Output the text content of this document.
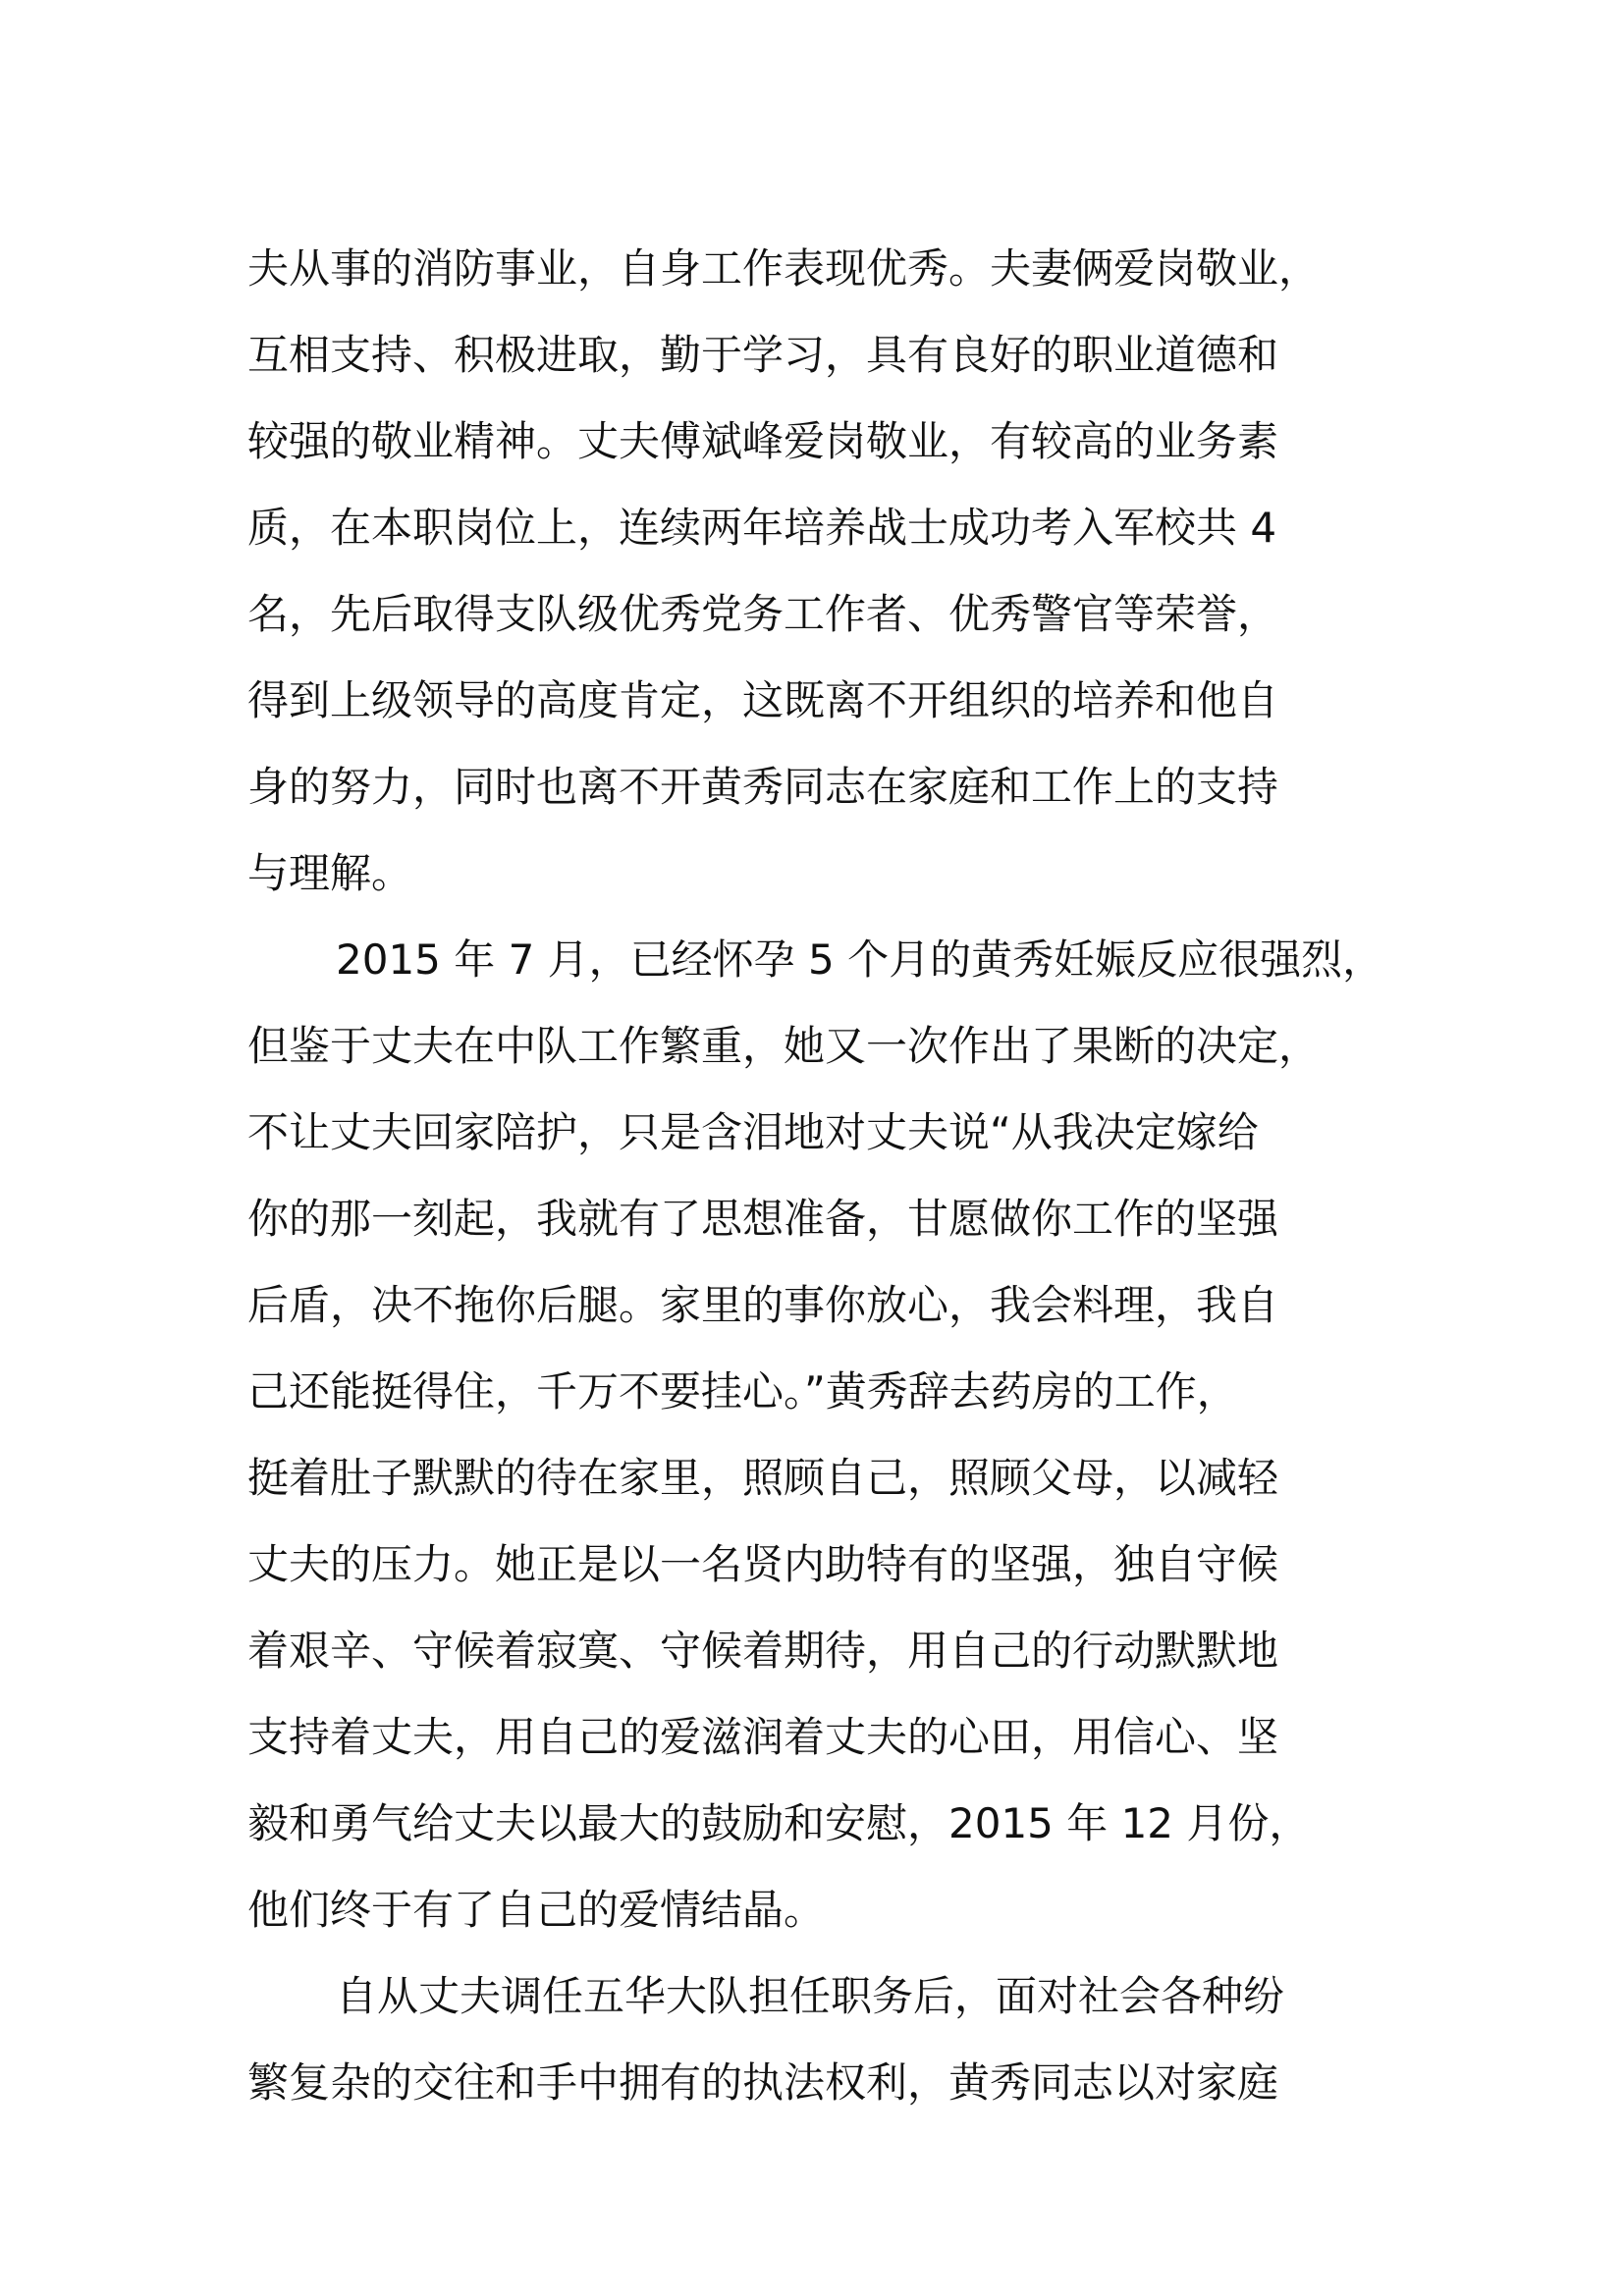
夫从事的消防事业，自身工作表现优秀。夫妻俩爱岗敬业，
互相支持、积极进取，勤于学习，具有良好的职业道德和
较强的敬业精神。丈夫傅斌峰爱岗敬业，有较高的业务素
质，在本职岗位上，连续两年培养战士成功考入军校共 4
名，先后取得支队级优秀党务工作者、优秀警官等荣誉，
得到上级领导的高度肯定，这既离不开组织的培养和他自
身的努力，同时也离不开黄秀同志在家庭和工作上的支持
与理解。
2015 年 7 月，已经怀孕 5 个月的黄秀妊娠反应很强烈，
但鉴于丈夫在中队工作繁重，她又一次作出了果断的决定，
不让丈夫回家陪护，只是含泪地对丈夫说“从我决定嫁给
你的那一刻起，我就有了思想准备，甘愿做你工作的坚强
后盾，决不拖你后腿。家里的事你放心，我会料理，我自
己还能挺得住，千万不要挂心。”黄秀辞去药房的工作，
挺着肚子默默的待在家里，照顾自己，照顾父母，以减轻
丈夫的压力。她正是以一名贤内助特有的坚强，独自守候
着艰辛、守候着寂寞、守候着期待，用自己的行动默默地
支持着丈夫，用自己的爱滋润着丈夫的心田，用信心、坚
毅和勇气给丈夫以最大的鼓励和安慰，2015 年 12 月份，
他们终于有了自己的爱情结晶。
自从丈夫调任五华大队担任职务后，面对社会各种纷
繁复杂的交往和手中拥有的执法权利，黄秀同志以对家庭
